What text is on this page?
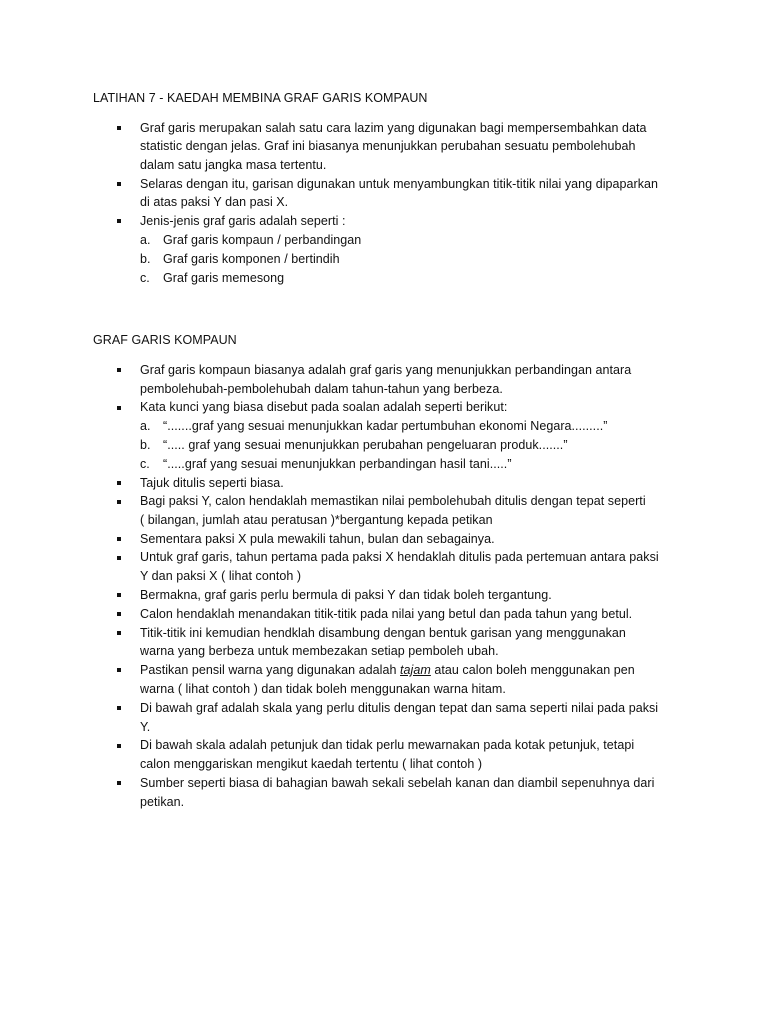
LATIHAN 7 - KAEDAH MEMBINA GRAF GARIS KOMPAUN
Graf garis merupakan salah satu cara lazim yang digunakan bagi mempersembahkan data
statistic dengan jelas. Graf ini biasanya menunjukkan perubahan sesuatu pembolehubah
dalam satu jangka masa tertentu.
Selaras dengan itu, garisan digunakan untuk menyambungkan titik-titik nilai yang dipaparkan
di atas paksi Y dan pasi X.
Jenis-jenis graf garis adalah seperti :
a. Graf garis kompaun / perbandingan
b. Graf garis komponen / bertindih
c. Graf garis memesong
GRAF GARIS KOMPAUN
Graf garis kompaun biasanya adalah graf garis yang menunjukkan perbandingan antara
pembolehubah-pembolehubah dalam tahun-tahun yang berbeza.
Kata kunci yang biasa disebut pada soalan adalah seperti berikut:
a. “.......graf yang sesuai menunjukkan kadar pertumbuhan ekonomi Negara.........”
b. “..... graf yang sesuai menunjukkan perubahan pengeluaran produk.......”
c. “.....graf yang sesuai menunjukkan perbandingan hasil tani.....”
Tajuk ditulis seperti biasa.
Bagi paksi Y, calon hendaklah memastikan nilai pembolehubah ditulis dengan tepat seperti
( bilangan, jumlah atau peratusan )*bergantung kepada petikan
Sementara paksi X pula mewakili tahun, bulan dan sebagainya.
Untuk graf garis, tahun pertama pada paksi X hendaklah ditulis pada pertemuan antara paksi
Y dan paksi X ( lihat contoh )
Bermakna, graf garis perlu bermula di paksi Y dan tidak boleh tergantung.
Calon hendaklah menandakan titik-titik pada nilai yang betul dan pada tahun yang betul.
Titik-titik ini kemudian hendklah disambung dengan bentuk garisan yang menggunakan
warna yang berbeza untuk membezakan setiap pemboleh ubah.
Pastikan pensil warna yang digunakan adalah tajam atau calon boleh menggunakan pen
warna ( lihat contoh ) dan tidak boleh menggunakan warna hitam.
Di bawah graf adalah skala yang perlu ditulis dengan tepat dan sama seperti nilai pada paksi
Y.
Di bawah skala adalah petunjuk dan tidak perlu mewarnakan pada kotak petunjuk, tetapi
calon menggariskan mengikut kaedah tertentu ( lihat contoh )
Sumber seperti biasa di bahagian bawah sekali sebelah kanan dan diambil sepenuhnya dari
petikan.
